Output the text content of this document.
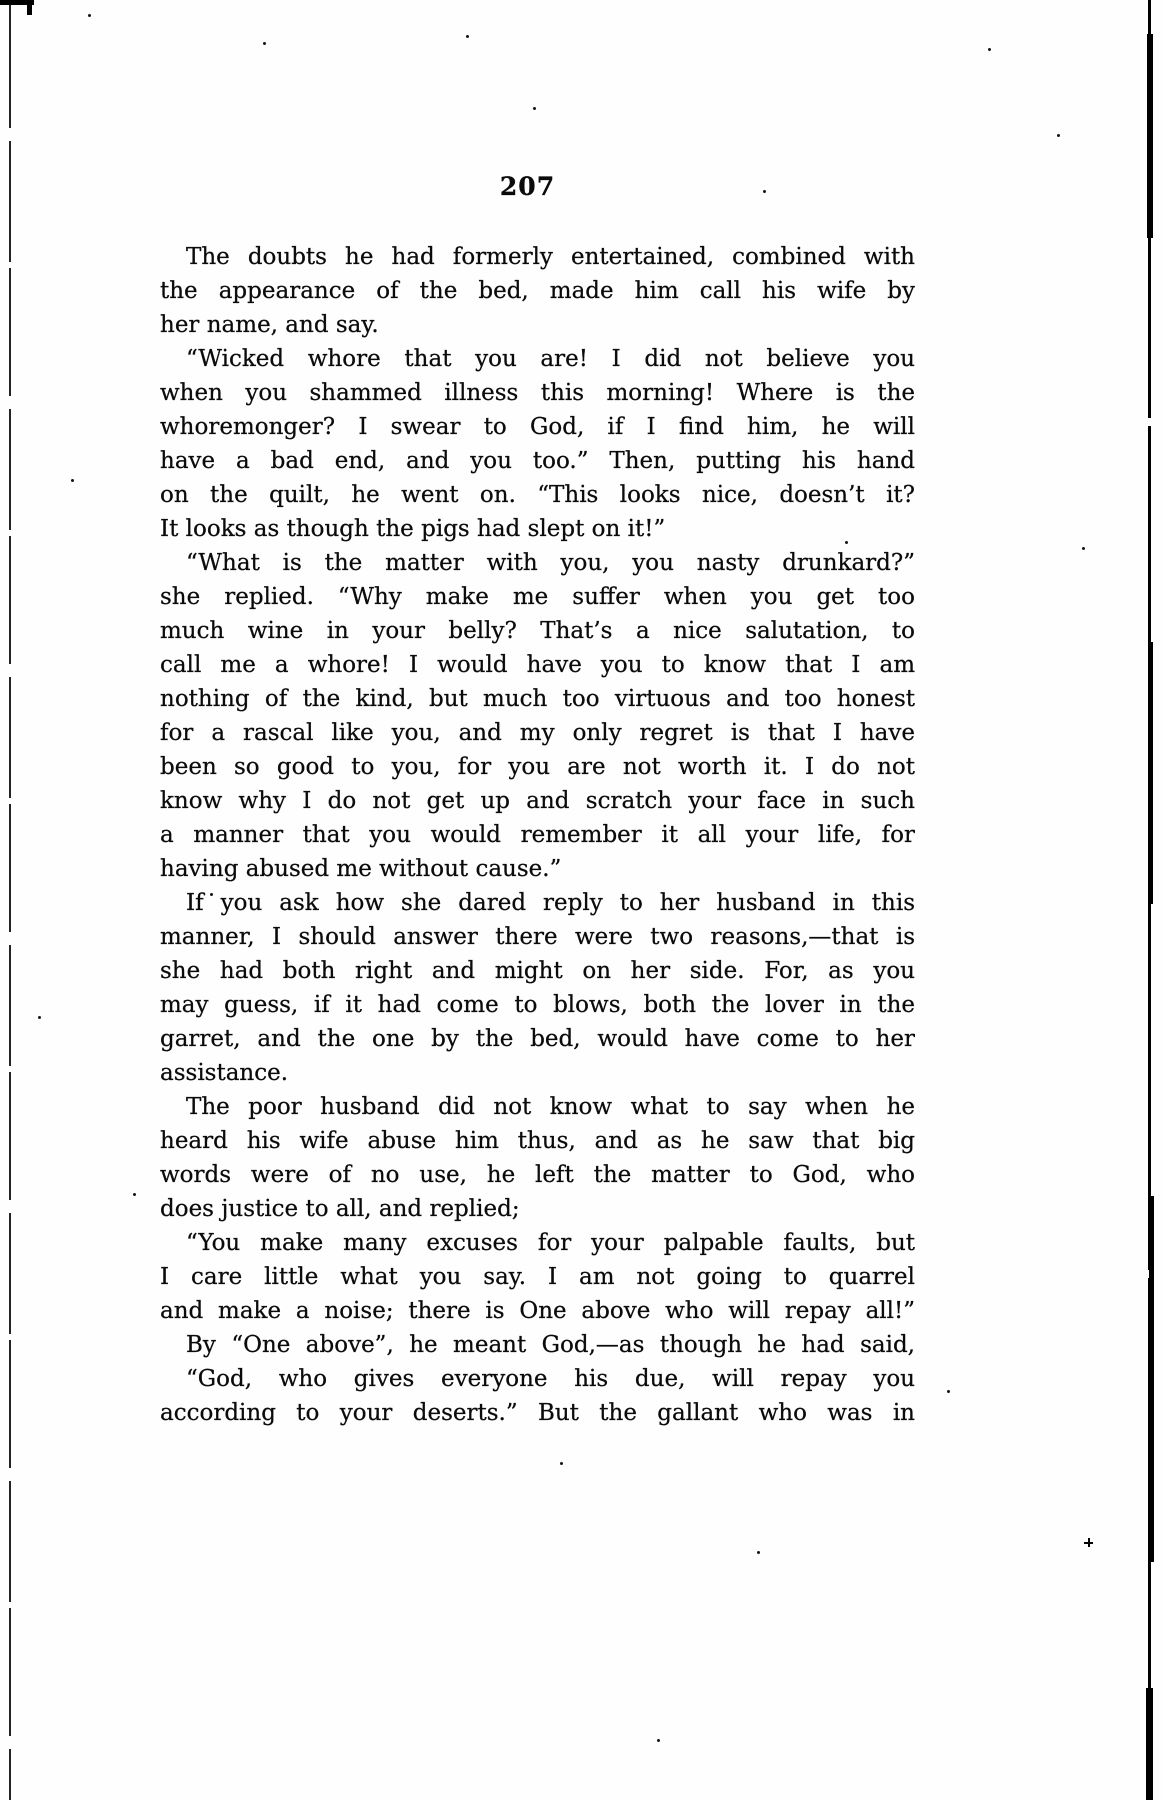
207
The doubts he had formerly entertained, combined with
the appearance of the bed, made him call his wife by
her name, and say.
“Wicked whore that you are! I did not believe you
when you shammed illness this morning! Where is the
whoremonger? I swear to God, if I find him, he will
have a bad end, and you too.” Then, putting his hand
on the quilt, he went on. “This looks nice, doesn’t it?
It looks as though the pigs had slept on it!”
“What is the matter with you, you nasty drunkard?”
she replied. “Why make me suffer when you get too
much wine in your belly? That’s a nice salutation, to
call me a whore! I would have you to know that I am
nothing of the kind, but much too virtuous and too honest
for a rascal like you, and my only regret is that I have
been so good to you, for you are not worth it. I do not
know why I do not get up and scratch your face in such
a manner that you would remember it all your life, for
having abused me without cause.”
If you ask how she dared reply to her husband in this
manner, I should answer there were two reasons,—that is
she had both right and might on her side. For, as you
may guess, if it had come to blows, both the lover in the
garret, and the one by the bed, would have come to her
assistance.
The poor husband did not know what to say when he
heard his wife abuse him thus, and as he saw that big
words were of no use, he left the matter to God, who
does justice to all, and replied;
“You make many excuses for your palpable faults, but
I care little what you say. I am not going to quarrel
and make a noise; there is One above who will repay all!”
By “One above”, he meant God,—as though he had said,
“God, who gives everyone his due, will repay you
according to your deserts.” But the gallant who was in
